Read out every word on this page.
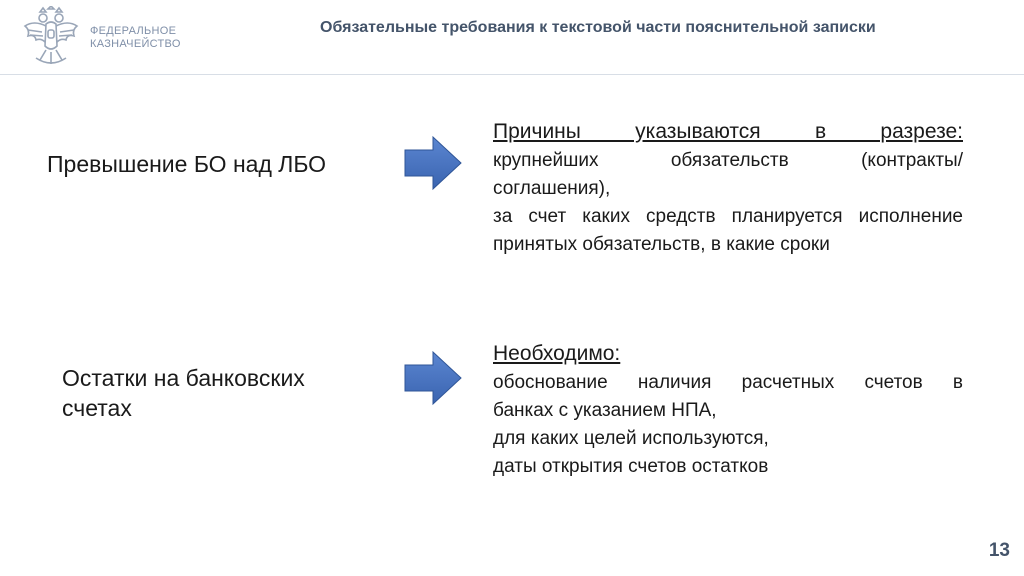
ФЕДЕРАЛЬНОЕ
КАЗНАЧЕЙСТВО
Обязательные требования к текстовой части пояснительной записки
Превышение БО над ЛБО
Причины указываются в разрезе:
крупнейших обязательств (контракты/
соглашения),
за счет каких средств планируется исполнение
принятых обязательств, в какие сроки
Остатки на банковских счетах
Необходимо:
обоснование наличия расчетных счетов в
банках с указанием НПА,
для каких целей используются,
даты открытия счетов остатков
13
